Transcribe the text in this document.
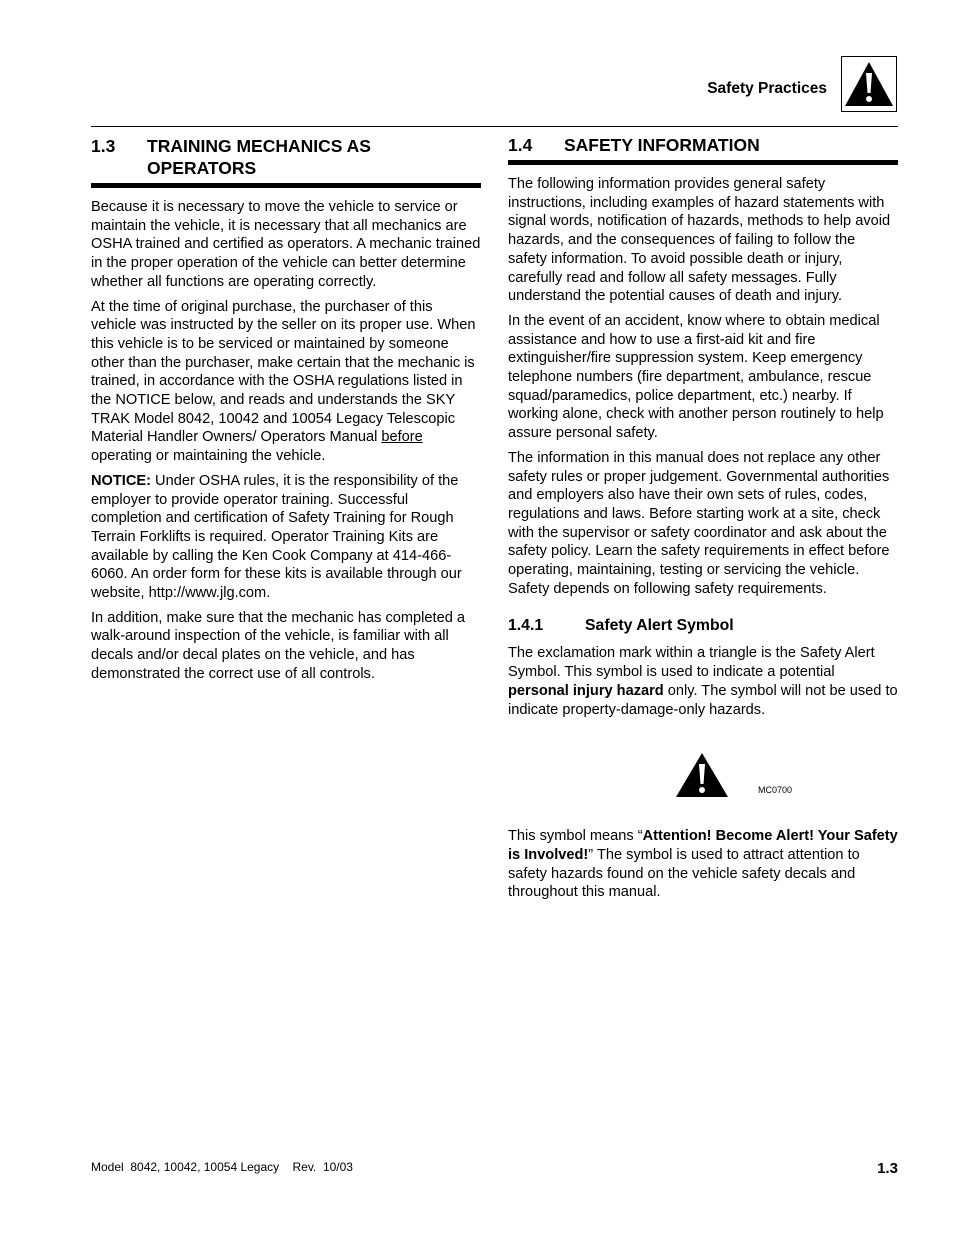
Safety Practices
1.3	TRAINING MECHANICS AS
OPERATORS

Because it is necessary to move the vehicle to service or maintain the vehicle, it is necessary that all mechanics are OSHA trained and certified as operators. A mechanic trained in the proper operation of the vehicle can better determine whether all functions are operating correctly.

At the time of original purchase, the purchaser of this vehicle was instructed by the seller on its proper use. When this vehicle is to be serviced or maintained by someone other than the purchaser, make certain that the mechanic is trained, in accordance with the OSHA regulations listed in the NOTICE below, and reads and understands the SKY TRAK Model 8042, 10042 and 10054 Legacy Telescopic Material Handler Owners/ Operators Manual before operating or maintaining the vehicle.

NOTICE: Under OSHA rules, it is the responsibility of the employer to provide operator training. Successful completion and certification of Safety Training for Rough Terrain Forklifts is required. Operator Training Kits are available by calling the Ken Cook Company at 414-466-6060. An order form for these kits is available through our website, http://www.jlg.com.

In addition, make sure that the mechanic has completed a walk-around inspection of the vehicle, is familiar with all decals and/or decal plates on the vehicle, and has demonstrated the correct use of all controls.

1.4	SAFETY INFORMATION

The following information provides general safety instructions, including examples of hazard statements with signal words, notification of hazards, methods to help avoid hazards, and the consequences of failing to follow the safety information. To avoid possible death or injury, carefully read and follow all safety messages. Fully understand the potential causes of death and injury.

In the event of an accident, know where to obtain medical assistance and how to use a first-aid kit and fire extinguisher/fire suppression system. Keep emergency telephone numbers (fire department, ambulance, rescue squad/paramedics, police department, etc.) nearby. If working alone, check with another person routinely to help assure personal safety.

The information in this manual does not replace any other safety rules or proper judgement. Governmental authorities and employers also have their own sets of rules, codes, regulations and laws. Before starting work at a site, check with the supervisor or safety coordinator and ask about the safety policy. Learn the safety requirements in effect before operating, maintaining, testing or servicing the vehicle. Safety depends on following safety requirements.

1.4.1	Safety Alert Symbol

The exclamation mark within a triangle is the Safety Alert Symbol. This symbol is used to indicate a potential personal injury hazard only. The symbol will not be used to indicate property-damage-only hazards.

MC0700

This symbol means “Attention! Become Alert! Your Safety is Involved!” The symbol is used to attract attention to safety hazards found on the vehicle safety decals and throughout this manual.

Model  8042, 10042, 10054 Legacy    Rev.  10/03	1.3
